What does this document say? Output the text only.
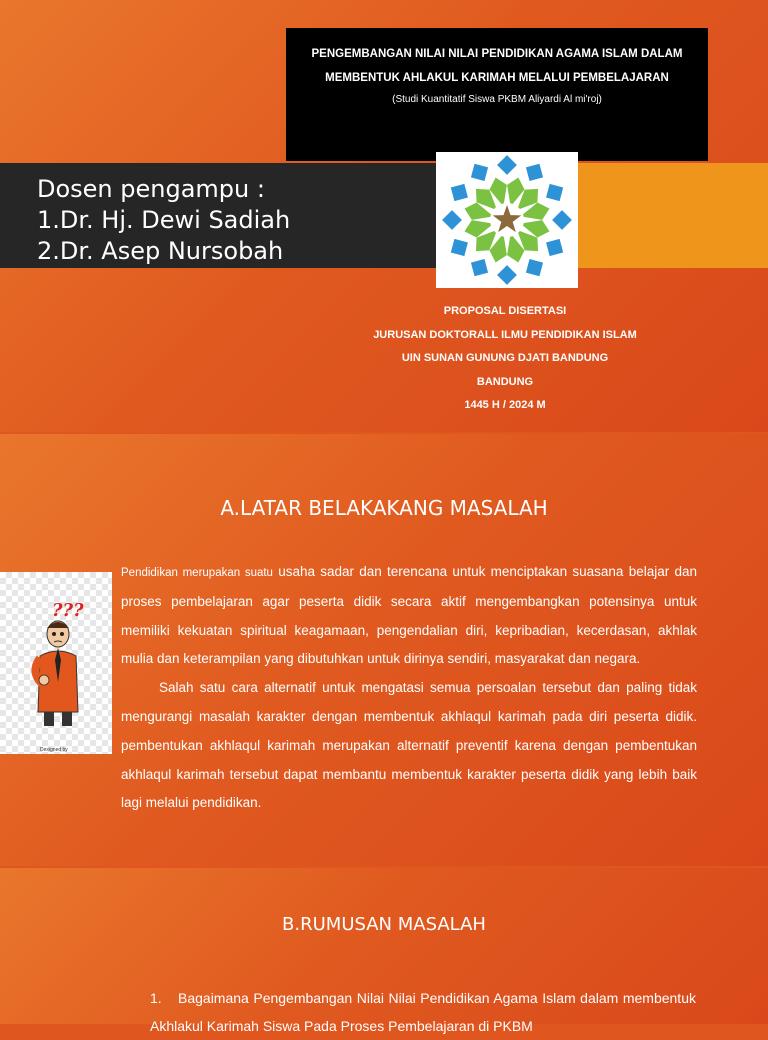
PENGEMBANGAN NILAI NILAI PENDIDIKAN AGAMA ISLAM DALAM
MEMBENTUK AHLAKUL KARIMAH MELALUI PEMBELAJARAN
(Studi Kuantitatif Siswa PKBM Aliyardi Al mi'roj)
Dosen pengampu :
1.Dr. Hj. Dewi Sadiah
2.Dr. Asep Nursobah
PROPOSAL DISERTASI
JURUSAN DOKTORALL ILMU PENDIDIKAN ISLAM
UIN SUNAN GUNUNG DJATI BANDUNG
BANDUNG
1445 H / 2024 M
A.LATAR BELAKAKANG MASALAH
???
Designed by

Pendidikan merupakan suatu usaha sadar dan terencana untuk menciptakan suasana belajar dan proses pembelajaran agar peserta didik secara aktif mengembangkan potensinya untuk memiliki kekuatan spiritual keagamaan, pengendalian diri, kepribadian, kecerdasan, akhlak mulia dan keterampilan yang dibutuhkan untuk dirinya sendiri, masyarakat dan negara.

Salah satu cara alternatif untuk mengatasi semua persoalan tersebut dan paling tidak mengurangi masalah karakter dengan membentuk akhlaqul karimah pada diri peserta didik. pembentukan akhlaqul karimah merupakan alternatif preventif karena dengan pembentukan akhlaqul karimah tersebut dapat membantu membentuk karakter peserta didik yang lebih baik lagi melalui pendidikan.

B.RUMUSAN MASALAH
1. Bagaimana Pengembangan Nilai Nilai Pendidikan Agama Islam dalam membentuk Akhlakul Karimah Siswa Pada Proses Pembelajaran di PKBM
